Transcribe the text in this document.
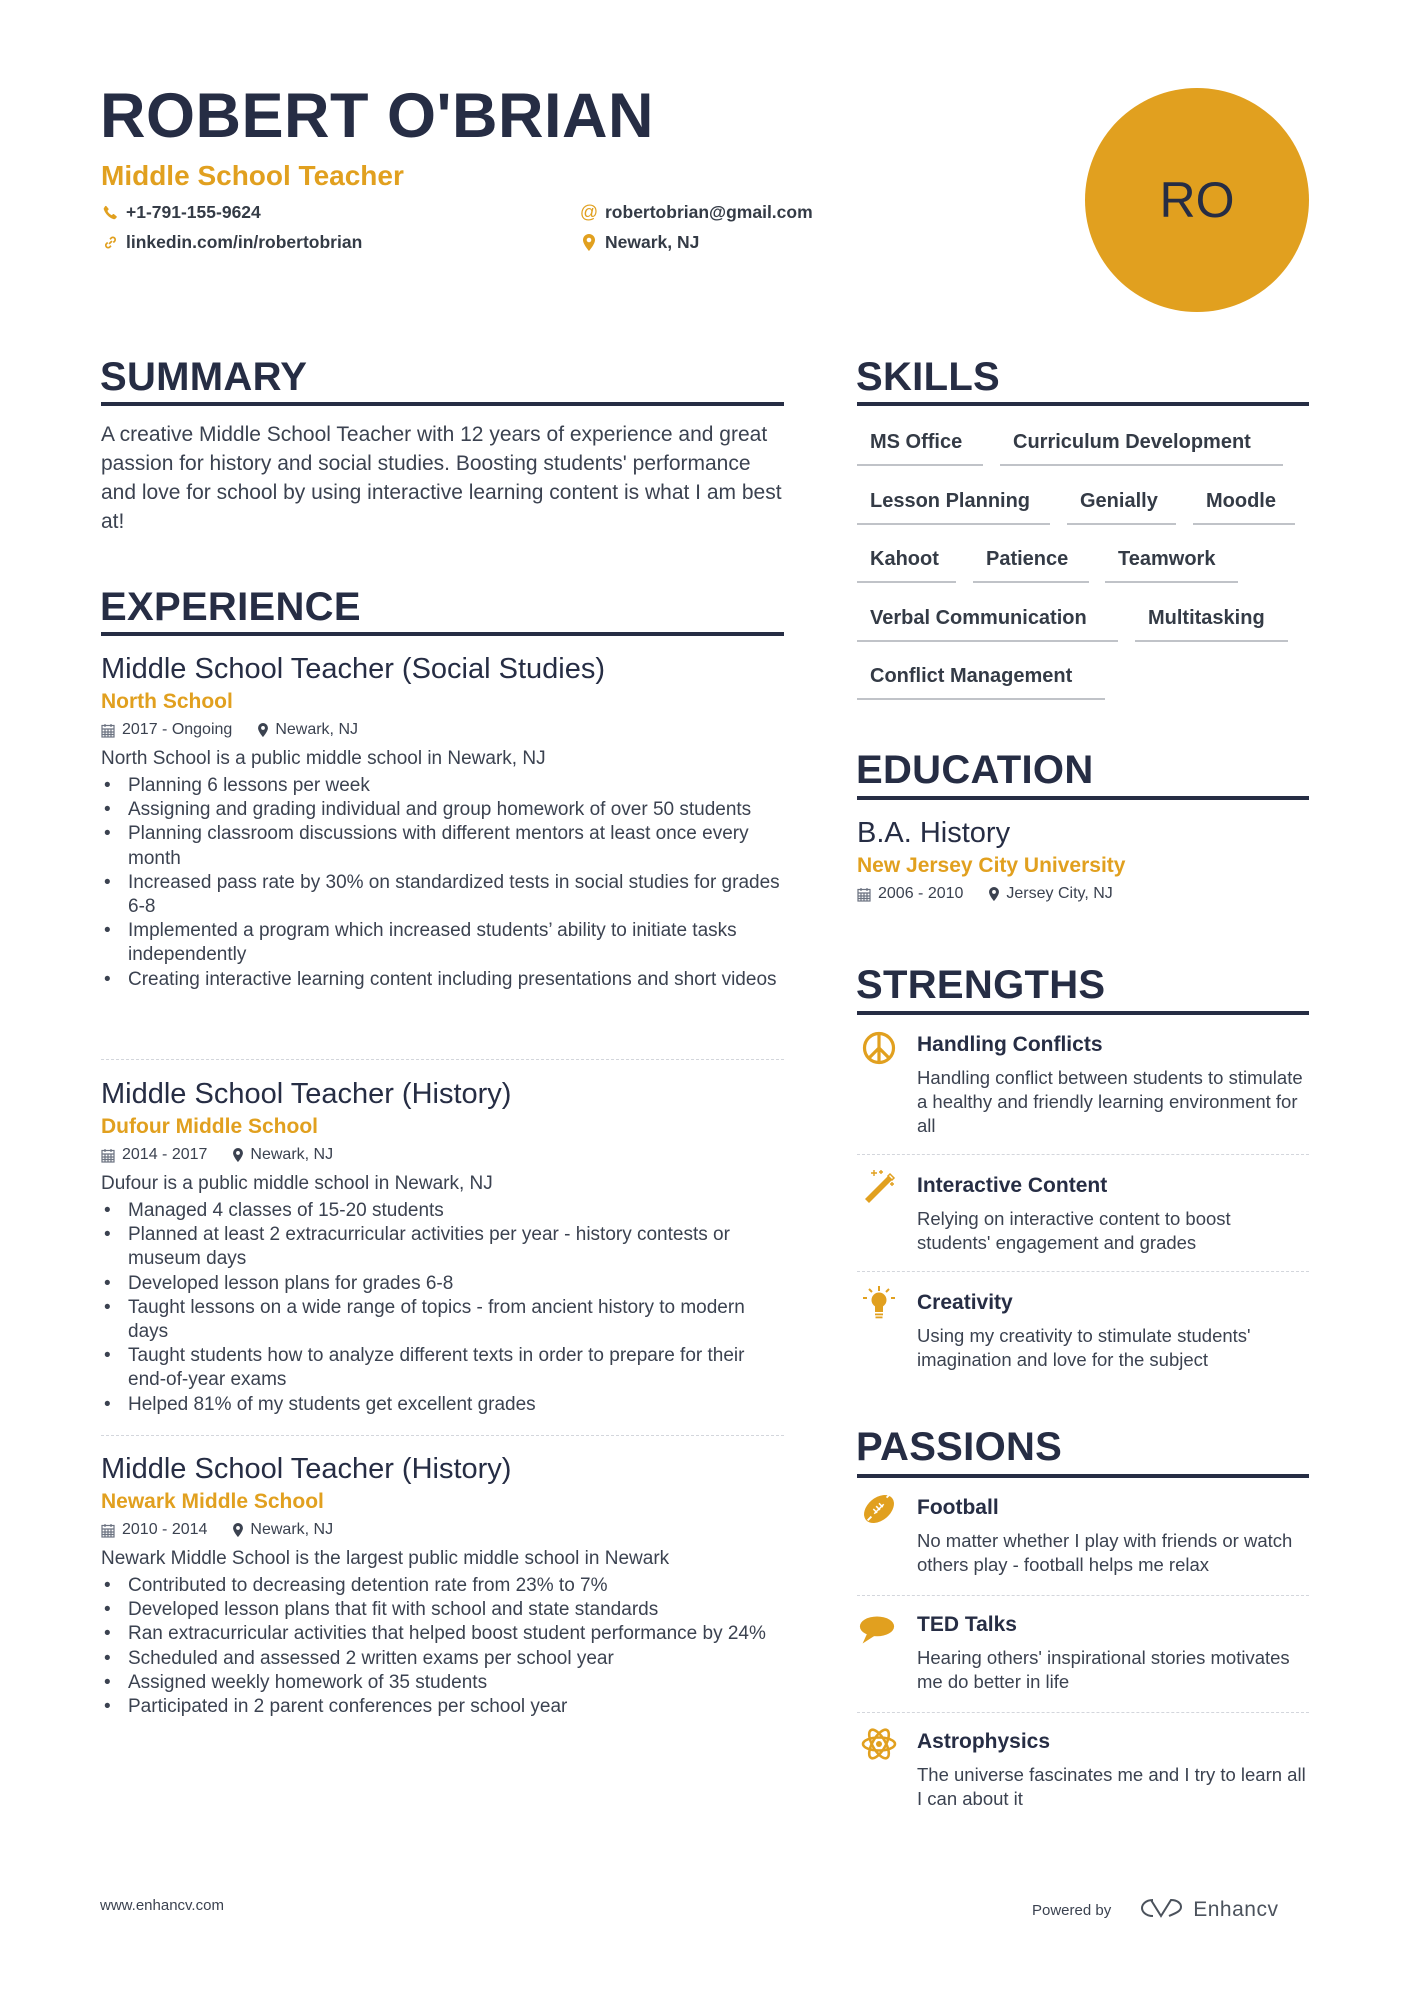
ROBERT O'BRIAN
Middle School Teacher
+1-791-155-9624
linkedin.com/in/robertobrian
@ robertobrian@gmail.com
Newark, NJ
RO
SUMMARY
A creative Middle School Teacher with 12 years of experience and great passion for history and social studies. Boosting students' performance and love for school by using interactive learning content is what I am best at!
EXPERIENCE
Middle School Teacher (Social Studies)
North School
2017 - Ongoing	Newark, NJ
North School is a public middle school in Newark, NJ
• Planning 6 lessons per week
• Assigning and grading individual and group homework of over 50 students
• Planning classroom discussions with different mentors at least once every month
• Increased pass rate by 30% on standardized tests in social studies for grades 6-8
• Implemented a program which increased students’ ability to initiate tasks independently
• Creating interactive learning content including presentations and short videos
Middle School Teacher (History)
Dufour Middle School
2014 - 2017	Newark, NJ
Dufour is a public middle school in Newark, NJ
• Managed 4 classes of 15-20 students
• Planned at least 2 extracurricular activities per year - history contests or museum days
• Developed lesson plans for grades 6-8
• Taught lessons on a wide range of topics - from ancient history to modern days
• Taught students how to analyze different texts in order to prepare for their end-of-year exams
• Helped 81% of my students get excellent grades
Middle School Teacher (History)
Newark Middle School
2010 - 2014	Newark, NJ
Newark Middle School is the largest public middle school in Newark
• Contributed to decreasing detention rate from 23% to 7%
• Developed lesson plans that fit with school and state standards
• Ran extracurricular activities that helped boost student performance by 24%
• Scheduled and assessed 2 written exams per school year
• Assigned weekly homework of 35 students
• Participated in 2 parent conferences per school year
SKILLS
MS Office	Curriculum Development
Lesson Planning	Genially	Moodle
Kahoot	Patience	Teamwork
Verbal Communication	Multitasking
Conflict Management
EDUCATION
B.A. History
New Jersey City University
2006 - 2010	Jersey City, NJ
STRENGTHS
Handling Conflicts
Handling conflict between students to stimulate a healthy and friendly learning environment for all
Interactive Content
Relying on interactive content to boost students' engagement and grades
Creativity
Using my creativity to stimulate students' imagination and love for the subject
PASSIONS
Football
No matter whether I play with friends or watch others play - football helps me relax
TED Talks
Hearing others' inspirational stories motivates me do better in life
Astrophysics
The universe fascinates me and I try to learn all I can about it
www.enhancv.com	Powered by	Enhancv
